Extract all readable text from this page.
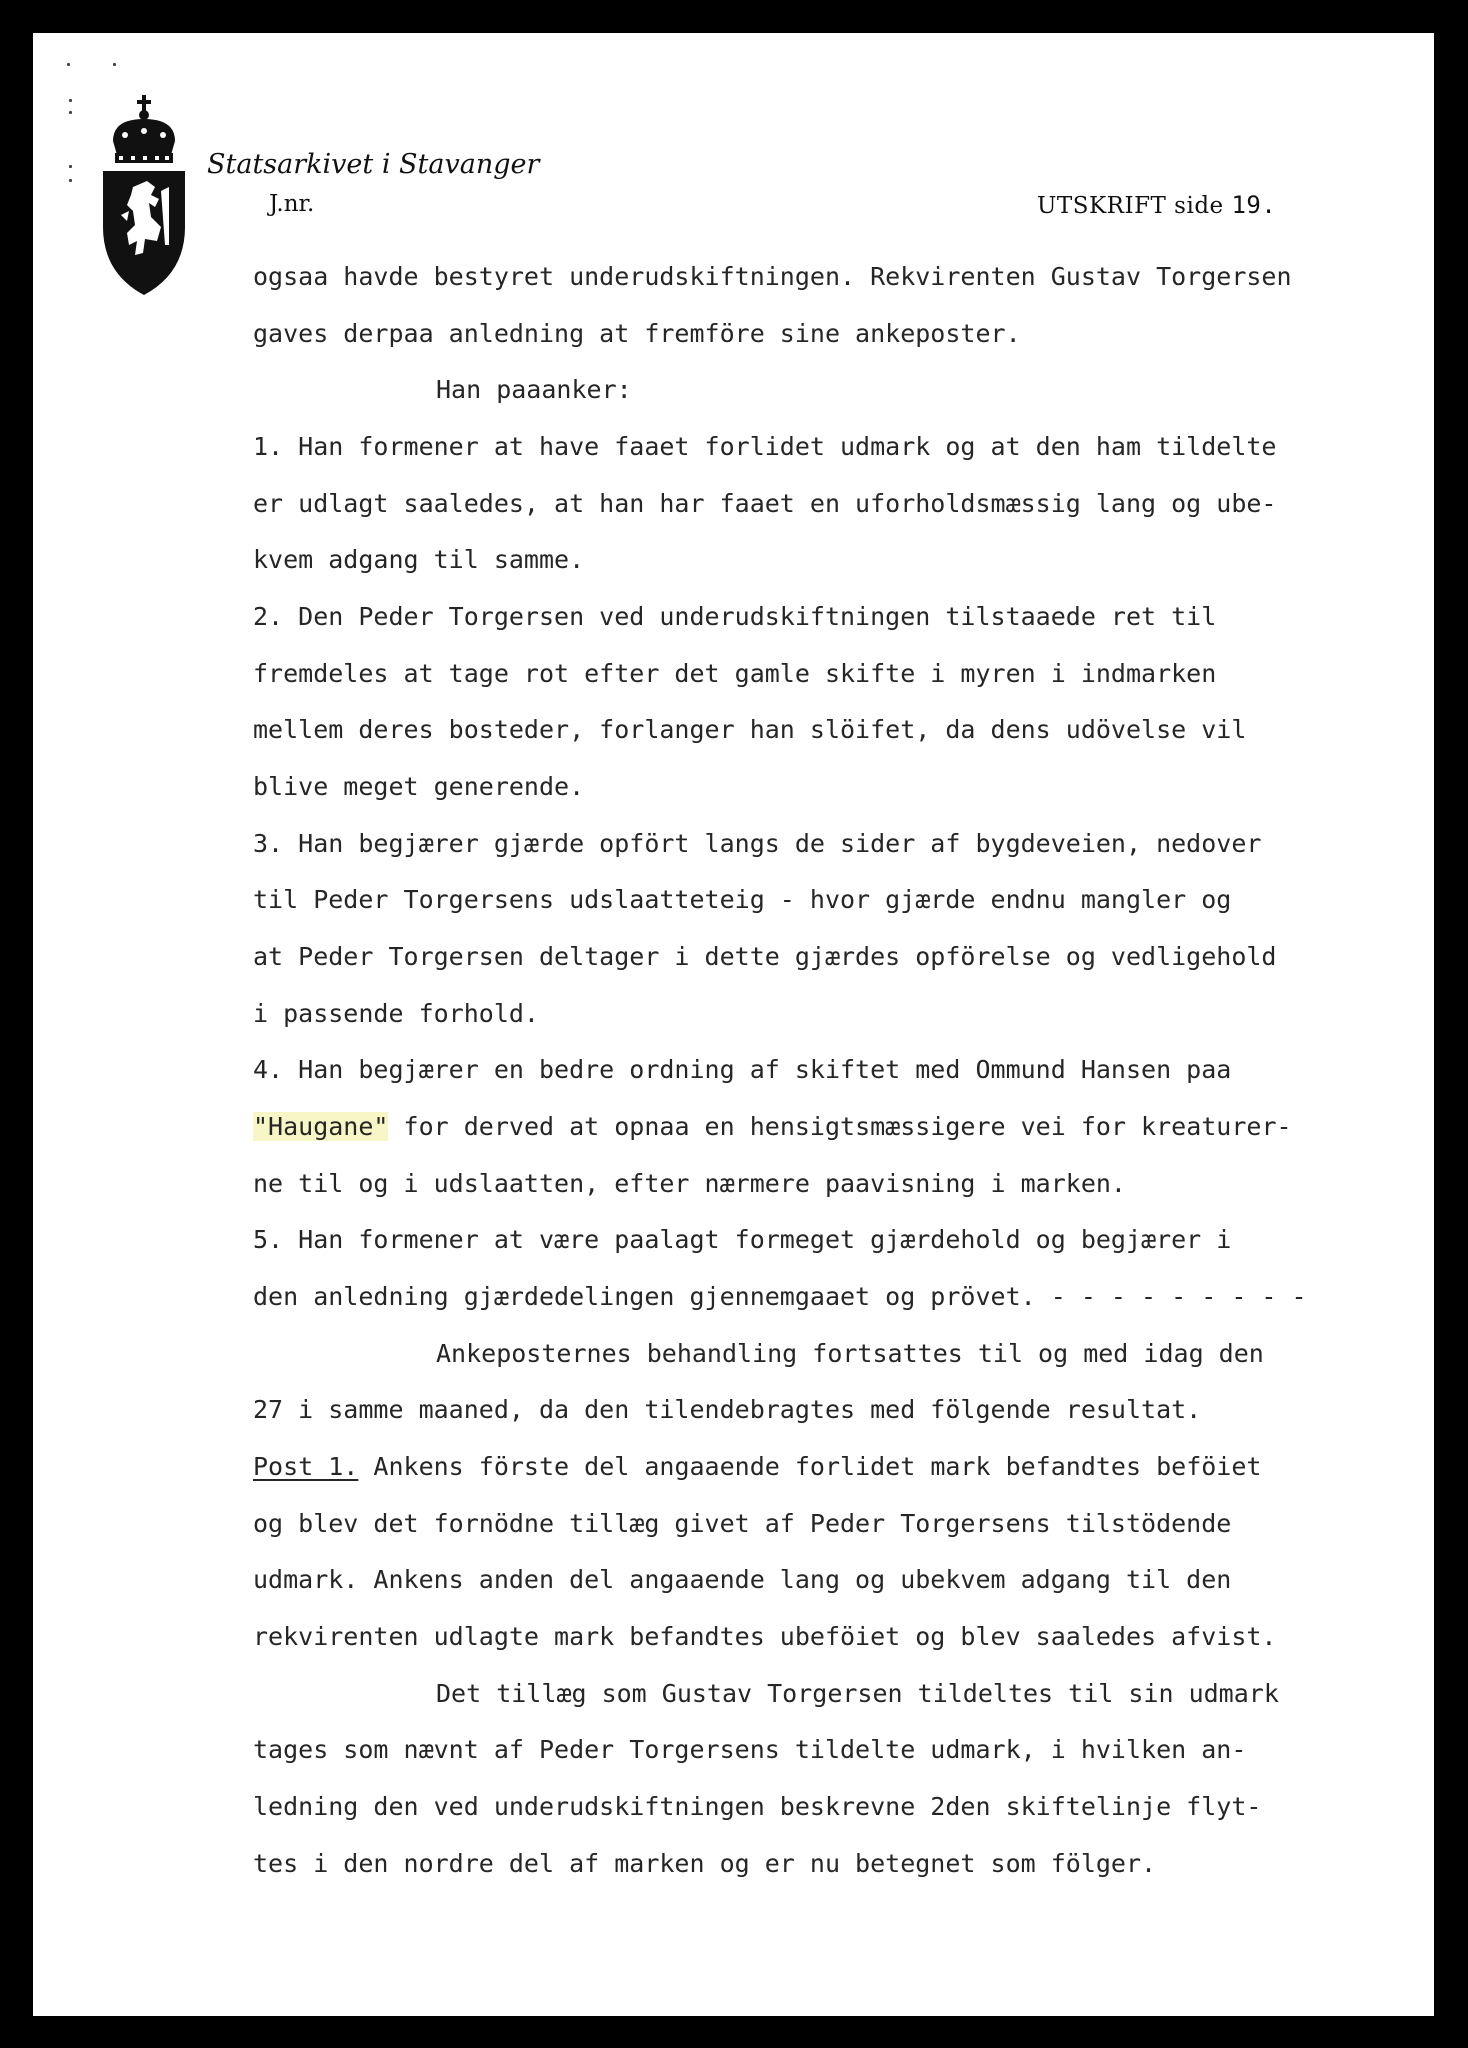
Statsarkivet i Stavanger
J.nr.	UTSKRIFT side 19.
ogsaa havde bestyret underudskiftningen. Rekvirenten Gustav Torgersen
gaves derpaa anledning at fremföre sine ankeposter.
Han paaanker:
1. Han formener at have faaet forlidet udmark og at den ham tildelte
er udlagt saaledes, at han har faaet en uforholdsmæssig lang og ube-
kvem adgang til samme.
2. Den Peder Torgersen ved underudskiftningen tilstaaede ret til
fremdeles at tage rot efter det gamle skifte i myren i indmarken
mellem deres bosteder, forlanger han slöifet, da dens udövelse vil
blive meget generende.
3. Han begjærer gjærde opfört langs de sider af bygdeveien, nedover
til Peder Torgersens udslaatteteig - hvor gjærde endnu mangler og
at Peder Torgersen deltager i dette gjærdes opförelse og vedligehold
i passende forhold.
4. Han begjærer en bedre ordning af skiftet med Ommund Hansen paa
"Haugane" for derved at opnaa en hensigtsmæssigere vei for kreaturer-
ne til og i udslaatten, efter nærmere paavisning i marken.
5. Han formener at være paalagt formeget gjærdehold og begjærer i
den anledning gjærdedelingen gjennemgaaet og prövet. - - - - - - - - -
Ankeposternes behandling fortsattes til og med idag den
27 i samme maaned, da den tilendebragtes med fölgende resultat.
Post 1. Ankens förste del angaaende forlidet mark befandtes beföiet
og blev det fornödne tillæg givet af Peder Torgersens tilstödende
udmark. Ankens anden del angaaende lang og ubekvem adgang til den
rekvirenten udlagte mark befandtes ubeföiet og blev saaledes afvist.
Det tillæg som Gustav Torgersen tildeltes til sin udmark
tages som nævnt af Peder Torgersens tildelte udmark, i hvilken an-
ledning den ved underudskiftningen beskrevne 2den skiftelinje flyt-
tes i den nordre del af marken og er nu betegnet som fölger.
